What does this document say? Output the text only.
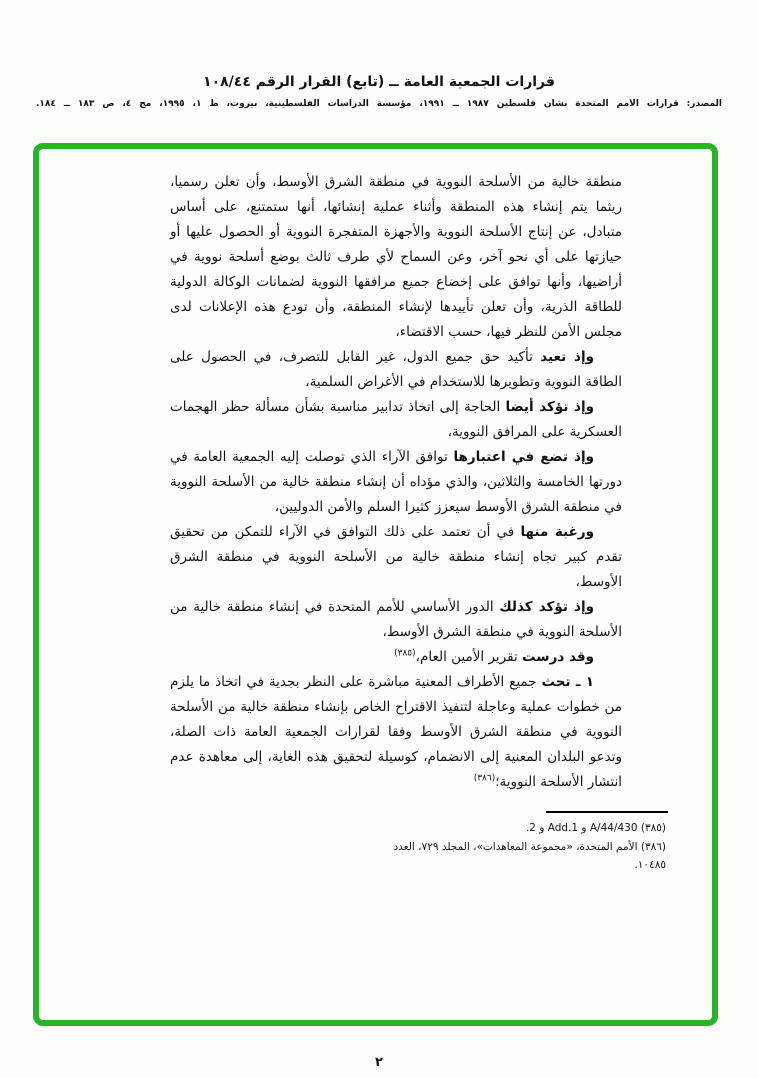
قرارات الجمعية العامة ــ (تابع) القرار الرقم ١٠٨/٤٤
المصدر: قرارات الأمم المتحدة بشأن فلسطين ١٩٨٧ ــ ١٩٩١، مؤسسة الدراسات الفلسطينية، بيروت، ط ١، ١٩٩٥، مج ٤، ص ١٨٣ ــ ١٨٤.

منطقة خالية من الأسلحة النووية في منطقة الشرق الأوسط، وأن تعلن رسميا، ريثما يتم إنشاء هذه المنطقة وأثناء عملية إنشائها، أنها ستمتنع، على أساس متبادل، عن إنتاج الأسلحة النووية والأجهزة المتفجرة النووية أو الحصول عليها أو حيازتها على أي نحو آخر، وعن السماح لأي طرف ثالث بوضع أسلحة نووية في أراضيها، وأنها توافق على إخضاع جميع مرافقها النووية لضمانات الوكالة الدولية للطاقة الذرية، وأن تعلن تأييدها لإنشاء المنطقة، وأن تودع هذه الإعلانات لدى مجلس الأمن للنظر فيها، حسب الاقتضاء،

وإذ تعيد تأكيد حق جميع الدول، غير القابل للتصرف، في الحصول على الطاقة النووية وتطويرها للاستخدام في الأغراض السلمية،

وإذ تؤكد أيضا الحاجة إلى اتخاذ تدابير مناسبة بشأن مسألة حظر الهجمات العسكرية على المرافق النووية،

وإذ تضع في اعتبارها توافق الآراء الذي توصلت إليه الجمعية العامة في دورتها الخامسة والثلاثين، والذي مؤداه أن إنشاء منطقة خالية من الأسلحة النووية في منطقة الشرق الأوسط سيعزز كثيرا السلم والأمن الدوليين،

ورغبة منها في أن تعتمد على ذلك التوافق في الآراء للتمكن من تحقيق تقدم كبير تجاه إنشاء منطقة خالية من الأسلحة النووية في منطقة الشرق الأوسط،

وإذ تؤكد كذلك الدور الأساسي للأمم المتحدة في إنشاء منطقة خالية من الأسلحة النووية في منطقة الشرق الأوسط،

وقد درست تقرير الأمين العام،$^{(٣٨٥)}$

١ ـ تحث جميع الأطراف المعنية مباشرة على النظر بجدية في اتخاذ ما يلزم من خطوات عملية وعاجلة لتنفيذ الاقتراح الخاص بإنشاء منطقة خالية من الأسلحة النووية في منطقة الشرق الأوسط وفقا لقرارات الجمعية العامة ذات الصلة، وتدعو البلدان المعنية إلى الانضمام، كوسيلة لتحقيق هذه الغاية، إلى معاهدة عدم انتشار الأسلحة النووية؛$^{(٣٨٦)}$

(٣٨٥) A/44/430 و Add.1 و 2.

(٣٨٦) الأمم المتحدة، «مجموعة المعاهدات»، المجلد ٧٢٩، العدد ١٠٤٨٥.

٢
